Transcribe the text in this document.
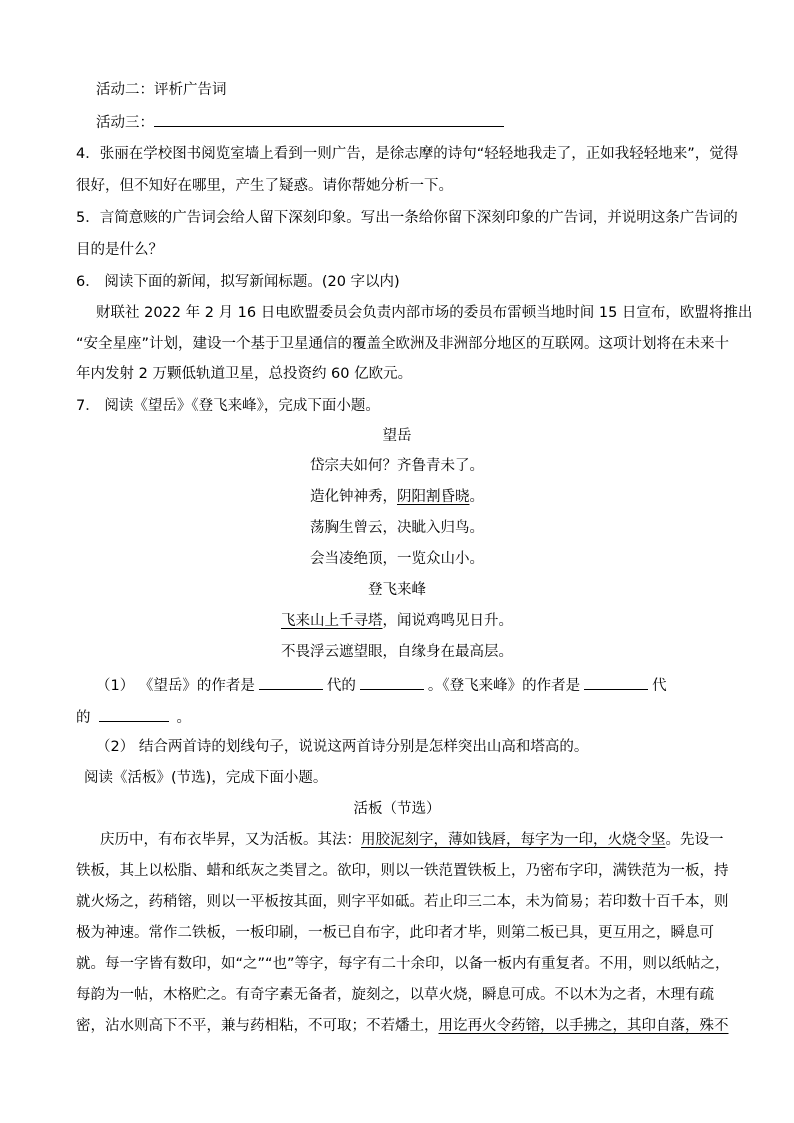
活动二：评析广告词
活动三：
4．张丽在学校图书阅览室墙上看到一则广告，是徐志摩的诗句“轻轻地我走了，正如我轻轻地来”，觉得
很好，但不知好在哪里，产生了疑惑。请你帮她分析一下。
5．言简意赅的广告词会给人留下深刻印象。写出一条给你留下深刻印象的广告词，并说明这条广告词的
目的是什么？
6． 阅读下面的新闻，拟写新闻标题。(20 字以内)
财联社 2022 年 2 月 16 日电欧盟委员会负责内部市场的委员布雷顿当地时间 15 日宣布，欧盟将推出
“安全星座”计划，建设一个基于卫星通信的覆盖全欧洲及非洲部分地区的互联网。这项计划将在未来十
年内发射 2 万颗低轨道卫星，总投资约 60 亿欧元。
7． 阅读《望岳》《登飞来峰》，完成下面小题。
望岳
岱宗夫如何？齐鲁青未了。
造化钟神秀，阴阳割昏晓。
荡胸生曾云，决眦入归鸟。
会当凌绝顶，一览众山小。
登飞来峰
飞来山上千寻塔，闻说鸡鸣见日升。
不畏浮云遮望眼，自缘身在最高层。
（1） 《望岳》的作者是	代的	。《登飞来峰》的作者是	代
的	。
（2） 结合两首诗的划线句子，说说这两首诗分别是怎样突出山高和塔高的。
阅读《活板》(节选)，完成下面小题。
活板（节选）
庆历中，有布衣毕昇，又为活板。其法：用胶泥刻字，薄如钱唇，每字为一印，火烧令坚。先设一
铁板，其上以松脂、蜡和纸灰之类冒之。欲印，则以一铁范置铁板上，乃密布字印，满铁范为一板，持
就火炀之，药稍镕，则以一平板按其面，则字平如砥。若止印三二本，未为简易；若印数十百千本，则
极为神速。常作二铁板，一板印刷，一板已自布字，此印者才毕，则第二板已具，更互用之，瞬息可
就。每一字皆有数印，如“之”“也”等字，每字有二十余印，以备一板内有重复者。不用，则以纸帖之，
每韵为一帖，木格贮之。有奇字素无备者，旋刻之，以草火烧，瞬息可成。不以木为之者，木理有疏
密，沾水则高下不平，兼与药相粘，不可取；不若燔土，用讫再火令药镕，以手拂之，其印自落，殊不
